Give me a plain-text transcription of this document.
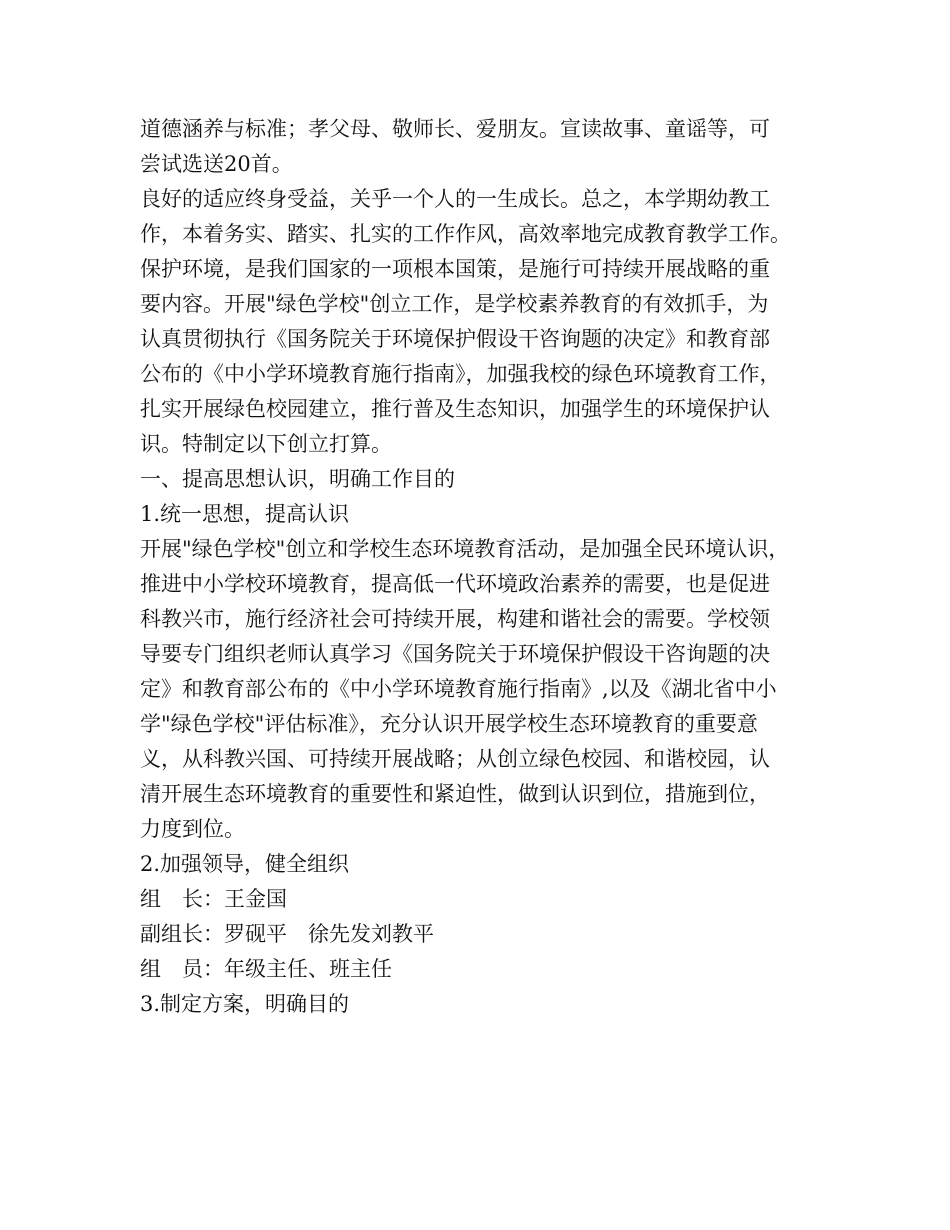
道德涵养与标准；孝父母、敬师长、爱朋友。宣读故事、童谣等，可

尝试选送20首。

良好的适应终身受益，关乎一个人的一生成长。总之，本学期幼教工

作，本着务实、踏实、扎实的工作作风，高效率地完成教育教学工作。

保护环境，是我们国家的一项根本国策，是施行可持续开展战略的重

要内容。开展"绿色学校"创立工作，是学校素养教育的有效抓手，为

认真贯彻执行《国务院关于环境保护假设干咨询题的决定》和教育部

公布的《中小学环境教育施行指南》，加强我校的绿色环境教育工作，

扎实开展绿色校园建立，推行普及生态知识，加强学生的环境保护认

识。特制定以下创立打算。

一、提高思想认识，明确工作目的

1.统一思想，提高认识

开展"绿色学校"创立和学校生态环境教育活动，是加强全民环境认识，

推进中小学校环境教育，提高低一代环境政治素养的需要，也是促进

科教兴市，施行经济社会可持续开展，构建和谐社会的需要。学校领

导要专门组织老师认真学习《国务院关于环境保护假设干咨询题的决

定》和教育部公布的《中小学环境教育施行指南》,以及《湖北省中小

学"绿色学校"评估标准》，充分认识开展学校生态环境教育的重要意

义，从科教兴国、可持续开展战略；从创立绿色校园、和谐校园，认

清开展生态环境教育的重要性和紧迫性，做到认识到位，措施到位，

力度到位。

2.加强领导，健全组织

组　长：王金国

副组长：罗砚平　徐先发刘教平

组　员：年级主任、班主任

3.制定方案，明确目的
